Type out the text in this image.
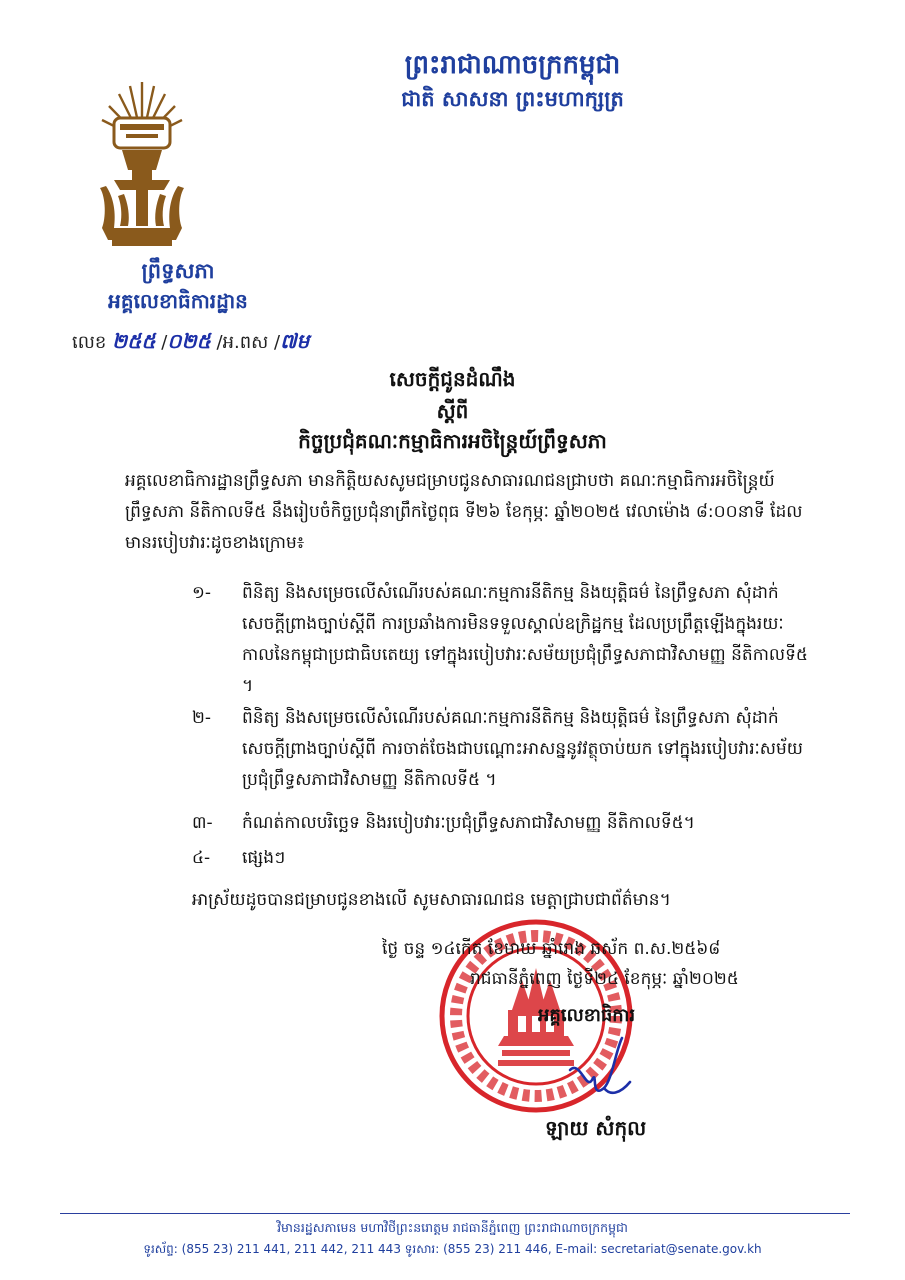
ព្រះរាជាណាចក្រកម្ពុជា
ជាតិ សាសនា ព្រះមហាក្សត្រ
ព្រឹទ្ធសភា
អគ្គលេខាធិការដ្ឋាន
លេខ ២៥៥ /០២៥ /អ.ពស /៧ម
សេចក្តីជូនដំណឹង
ស្តីពី
កិច្ចប្រជុំគណៈកម្មាធិការអចិន្ត្រៃយ៍ព្រឹទ្ធសភា
អគ្គលេខាធិការដ្ឋានព្រឹទ្ធសភា មានកិត្តិយសសូមជម្រាបជូនសាធារណជនជ្រាបថា គណៈកម្មាធិការអចិន្ត្រៃយ៍ព្រឹទ្ធសភា នីតិកាលទី៥ នឹងរៀបចំកិច្ចប្រជុំនាព្រឹកថ្ងៃពុធ ទី២៦ ខែកុម្ភៈ ឆ្នាំ២០២៥ វេលាម៉ោង ៨:០០នាទី ដែលមានរបៀបវារៈដូចខាងក្រោម៖
១- ពិនិត្យ និងសម្រេចលើសំណើរបស់គណៈកម្មការនីតិកម្ម និងយុត្តិធម៌ នៃព្រឹទ្ធសភា សុំដាក់សេចក្តីព្រាងច្បាប់ស្តីពី ការប្រឆាំងការមិនទទួលស្គាល់ឧក្រិដ្ឋកម្ម ដែលប្រព្រឹត្តឡើងក្នុងរយៈកាលនៃកម្ពុជាប្រជាធិបតេយ្យ ទៅក្នុងរបៀបវារៈសម័យប្រជុំព្រឹទ្ធសភាជាវិសាមញ្ញ នីតិកាលទី៥ ។
២- ពិនិត្យ និងសម្រេចលើសំណើរបស់គណៈកម្មការនីតិកម្ម និងយុត្តិធម៌ នៃព្រឹទ្ធសភា សុំដាក់សេចក្តីព្រាងច្បាប់ស្តីពី ការចាត់ចែងជាបណ្តោះអាសន្ននូវវត្ថុចាប់យក ទៅក្នុងរបៀបវារៈសម័យប្រជុំព្រឹទ្ធសភាជាវិសាមញ្ញ នីតិកាលទី៥ ។
៣- កំណត់កាលបរិច្ឆេទ និងរបៀបវារៈប្រជុំព្រឹទ្ធសភាជាវិសាមញ្ញ នីតិកាលទី៥។
៤- ផ្សេងៗ
អាស្រ័យដូចបានជម្រាបជូនខាងលើ សូមសាធារណជន មេត្តាជ្រាបជាព័ត៌មាន។
ថ្ងៃ ចន្ទ ១៤កើត ខែមាឃ ឆ្នាំរោង ឆស័ក ព.ស.២៥៦៨
រាជធានីភ្នំពេញ ថ្ងៃទី២៤ ខែកុម្ភៈ ឆ្នាំ២០២៥
អគ្គលេខាធិការ
ឡាយ សំកុល
វិមានរដ្ឋសភាមេន មហាវិថីព្រះនរោត្តម រាជធានីភ្នំពេញ ព្រះរាជាណាចក្រកម្ពុជា
ទូរស័ព្ទ: (855 23) 211 441, 211 442, 211 443 ទូរសារ: (855 23) 211 446, E-mail: secretariat@senate.gov.kh
